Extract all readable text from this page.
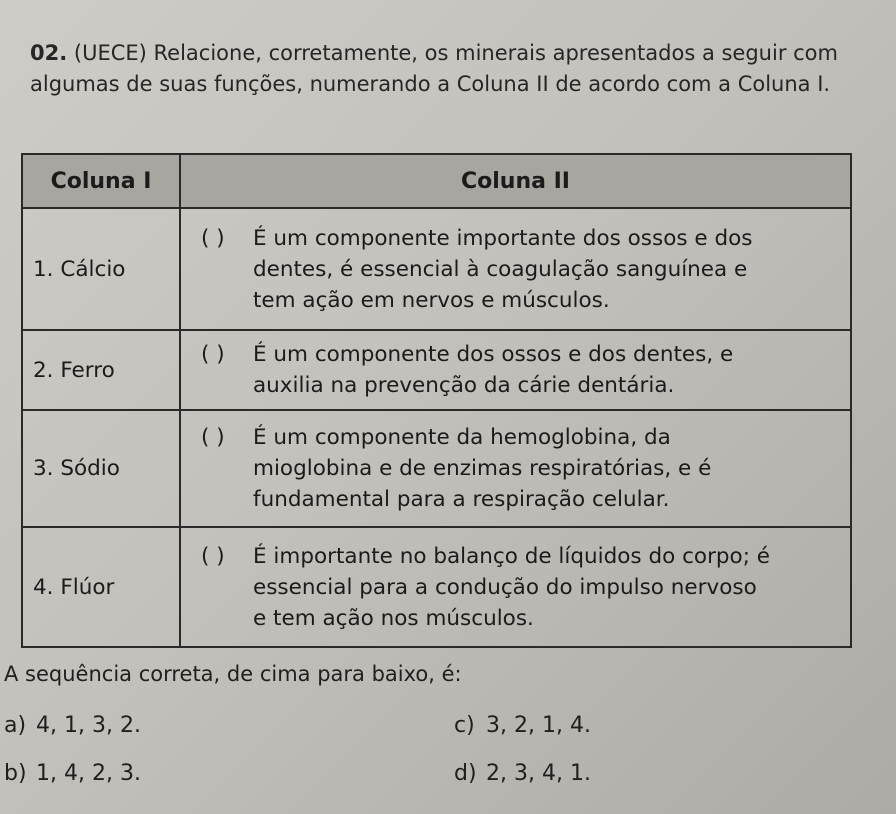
02. (UECE) Relacione, corretamente, os minerais apresentados a seguir com algumas de suas funções, numerando a Coluna II de acordo com a Coluna I.
Coluna I	Coluna II
1. Cálcio	( ) É um componente importante dos ossos e dos
dentes, é essencial à coagulação sanguínea e
tem ação em nervos e músculos.

2. Ferro	( ) É um componente dos ossos e dos dentes, e
auxilia na prevenção da cárie dentária.

3. Sódio	( ) É um componente da hemoglobina, da
mioglobina e de enzimas respiratórias, e é
fundamental para a respiração celular.

4. Flúor	( ) É importante no balanço de líquidos do corpo; é
essencial para a condução do impulso nervoso
e tem ação nos músculos.
A sequência correta, de cima para baixo, é:
a) 4, 1, 3, 2.
b) 1, 4, 2, 3.
c) 3, 2, 1, 4.
d) 2, 3, 4, 1.
